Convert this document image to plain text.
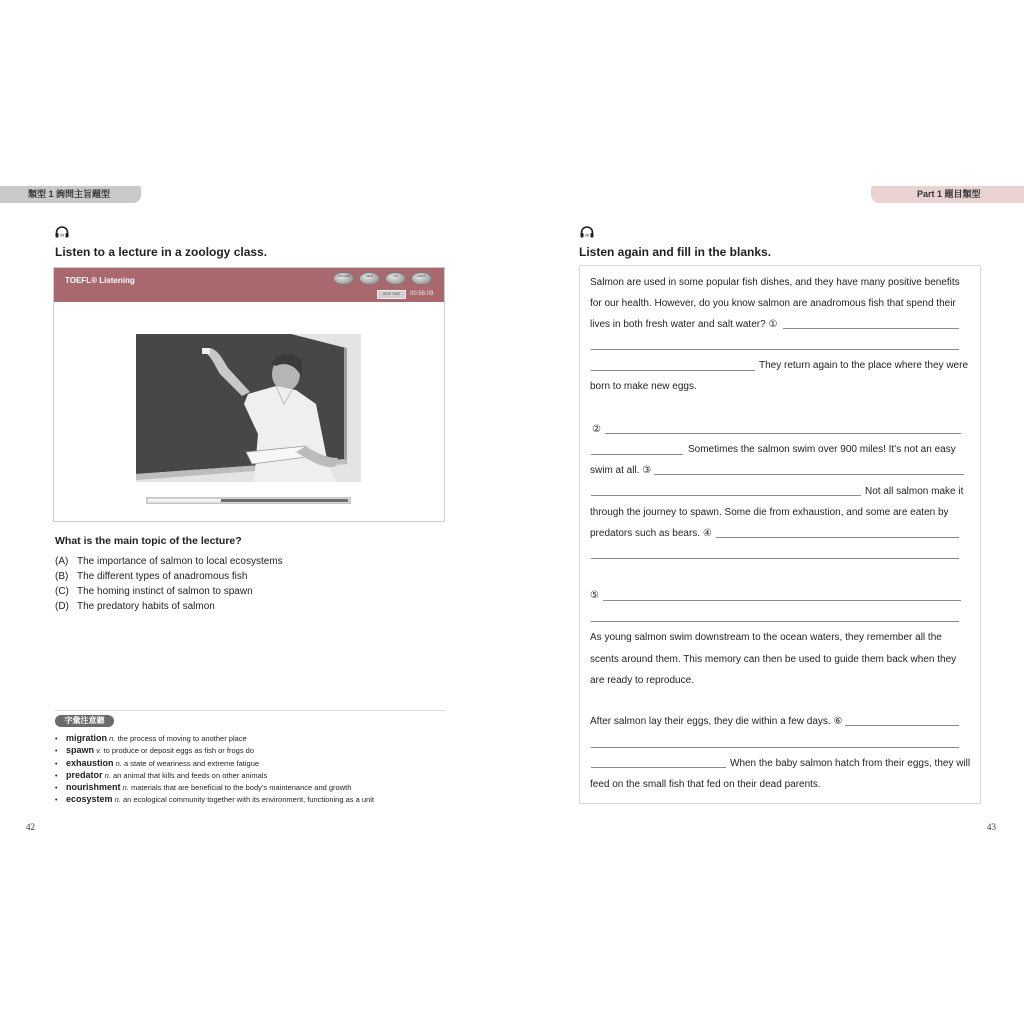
類型 1 詢問主旨題型
05
Listen to a lecture in a zoology class.
TOEFL® Listening	VOLUME	HELP	OK	NEXT
HIDE TIME	00:56:09
What is the main topic of the lecture?
(A) The importance of salmon to local ecosystems
(B) The different types of anadromous fish
(C) The homing instinct of salmon to spawn
(D) The predatory habits of salmon
字彙注意聽
• migration n. the process of moving to another place
• spawn v. to produce or deposit eggs as fish or frogs do
• exhaustion n. a state of weariness and extreme fatigue
• predator n. an animal that kills and feeds on other animals
• nourishment n. materials that are beneficial to the body’s maintenance and growth
• ecosystem n. an ecological community together with its environment, functioning as a unit
42
Part 1 題目類型
06
Listen again and fill in the blanks.
Salmon are used in some popular fish dishes, and they have many positive benefits
for our health. However, do you know salmon are anadromous fish that spend their
lives in both fresh water and salt water? ①
They return again to the place where they were
born to make new eggs.
②
Sometimes the salmon swim over 900 miles! It’s not an easy
swim at all. ③
Not all salmon make it
through the journey to spawn. Some die from exhaustion, and some are eaten by
predators such as bears. ④
⑤
As young salmon swim downstream to the ocean waters, they remember all the
scents around them. This memory can then be used to guide them back when they
are ready to reproduce.
After salmon lay their eggs, they die within a few days. ⑥
When the baby salmon hatch from their eggs, they will
feed on the small fish that fed on their dead parents.
43
